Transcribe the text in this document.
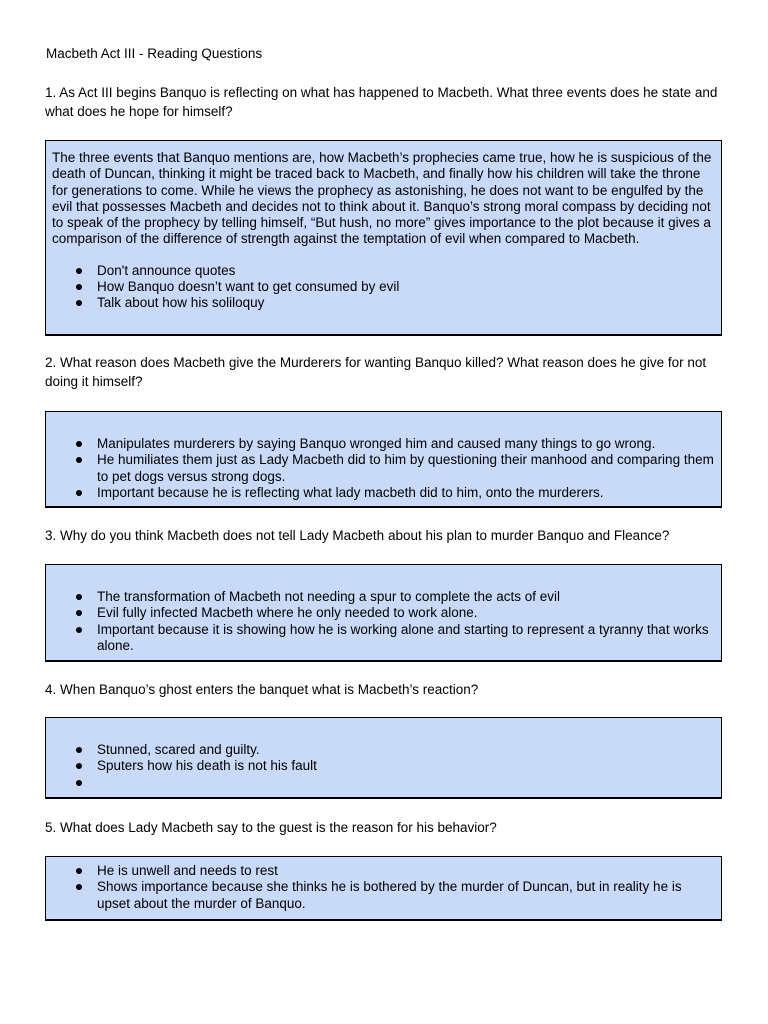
Macbeth Act III - Reading Questions
1. As Act III begins Banquo is reflecting on what has happened to Macbeth. What three events does he state and what does he hope for himself?

The three events that Banquo mentions are, how Macbeth’s prophecies came true, how he is suspicious of the death of Duncan, thinking it might be traced back to Macbeth, and finally how his children will take the throne for generations to come. While he views the prophecy as astonishing, he does not want to be engulfed by the evil that possesses Macbeth and decides not to think about it. Banquo’s strong moral compass by deciding not to speak of the prophecy by telling himself, “But hush, no more” gives importance to the plot because it gives a comparison of the difference of strength against the temptation of evil when compared to Macbeth.

Don't announce quotes
How Banquo doesn’t want to get consumed by evil
Talk about how his soliloquy
2. What reason does Macbeth give the Murderers for wanting Banquo killed? What reason does he give for not doing it himself?
Manipulates murderers by saying Banquo wronged him and caused many things to go wrong.
He humiliates them just as Lady Macbeth did to him by questioning their manhood and comparing them to pet dogs versus strong dogs.
Important because he is reflecting what lady macbeth did to him, onto the murderers.
3. Why do you think Macbeth does not tell Lady Macbeth about his plan to murder Banquo and Fleance?
The transformation of Macbeth not needing a spur to complete the acts of evil
Evil fully infected Macbeth where he only needed to work alone.
Important because it is showing how he is working alone and starting to represent a tyranny that works alone.
4. When Banquo’s ghost enters the banquet what is Macbeth’s reaction?
Stunned, scared and guilty.
Sputers how his death is not his fault
5. What does Lady Macbeth say to the guest is the reason for his behavior?
He is unwell and needs to rest
Shows importance because she thinks he is bothered by the murder of Duncan, but in reality he is upset about the murder of Banquo.
